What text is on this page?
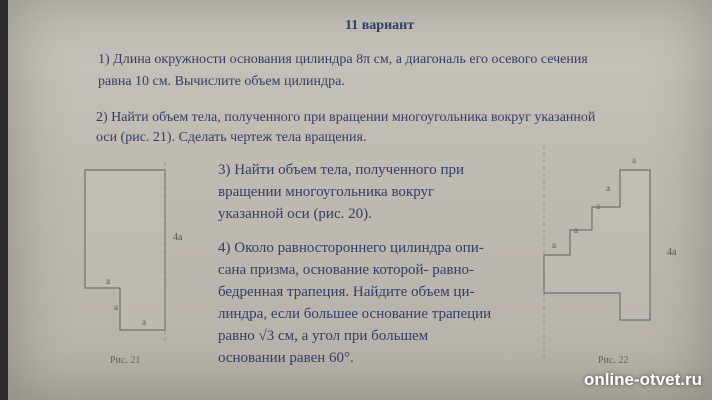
11 вариант
1) Длина окружности основания цилиндра 8π см, а диагональ его осевого сечения
равна 10 см. Вычислите объем цилиндра.
2) Найти объем тела, полученного при вращении многоугольника вокруг указанной
оси (рис. 21). Сделать чертеж тела вращения.
3) Найти объем тела, полученного при
вращении многоугольника вокруг
указанной оси (рис. 20).
4) Около равностороннего цилиндра опи-
сана призма, основание которой- равно-
бедренная трапеция. Найдите объем ци-
линдра, если большее основание трапеции
равно √3 см, а угол при большем
основании равен 60°.
4a
a
a
a
Рис. 21
a
a
a
a
a
4a
Рис. 22
online-otvet.ru
